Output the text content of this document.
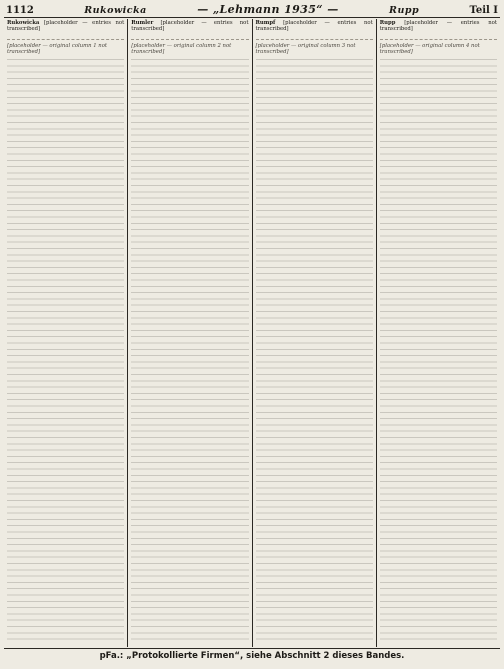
1112	Rukowicka	— „Lehmann 1935“ —	Rupp	Teil I

Rukowicka [placeholder — entries not transcribed]

[placeholder — original column 1 not transcribed]

Rumler [placeholder — entries not transcribed]

[placeholder — original column 2 not transcribed]

Rumpf [placeholder — entries not transcribed]

[placeholder — original column 3 not transcribed]

Rupp [placeholder — entries not transcribed]

[placeholder — original column 4 not transcribed]
pFa.: „Protokollierte Firmen“, siehe Abschnitt 2 dieses Bandes.
